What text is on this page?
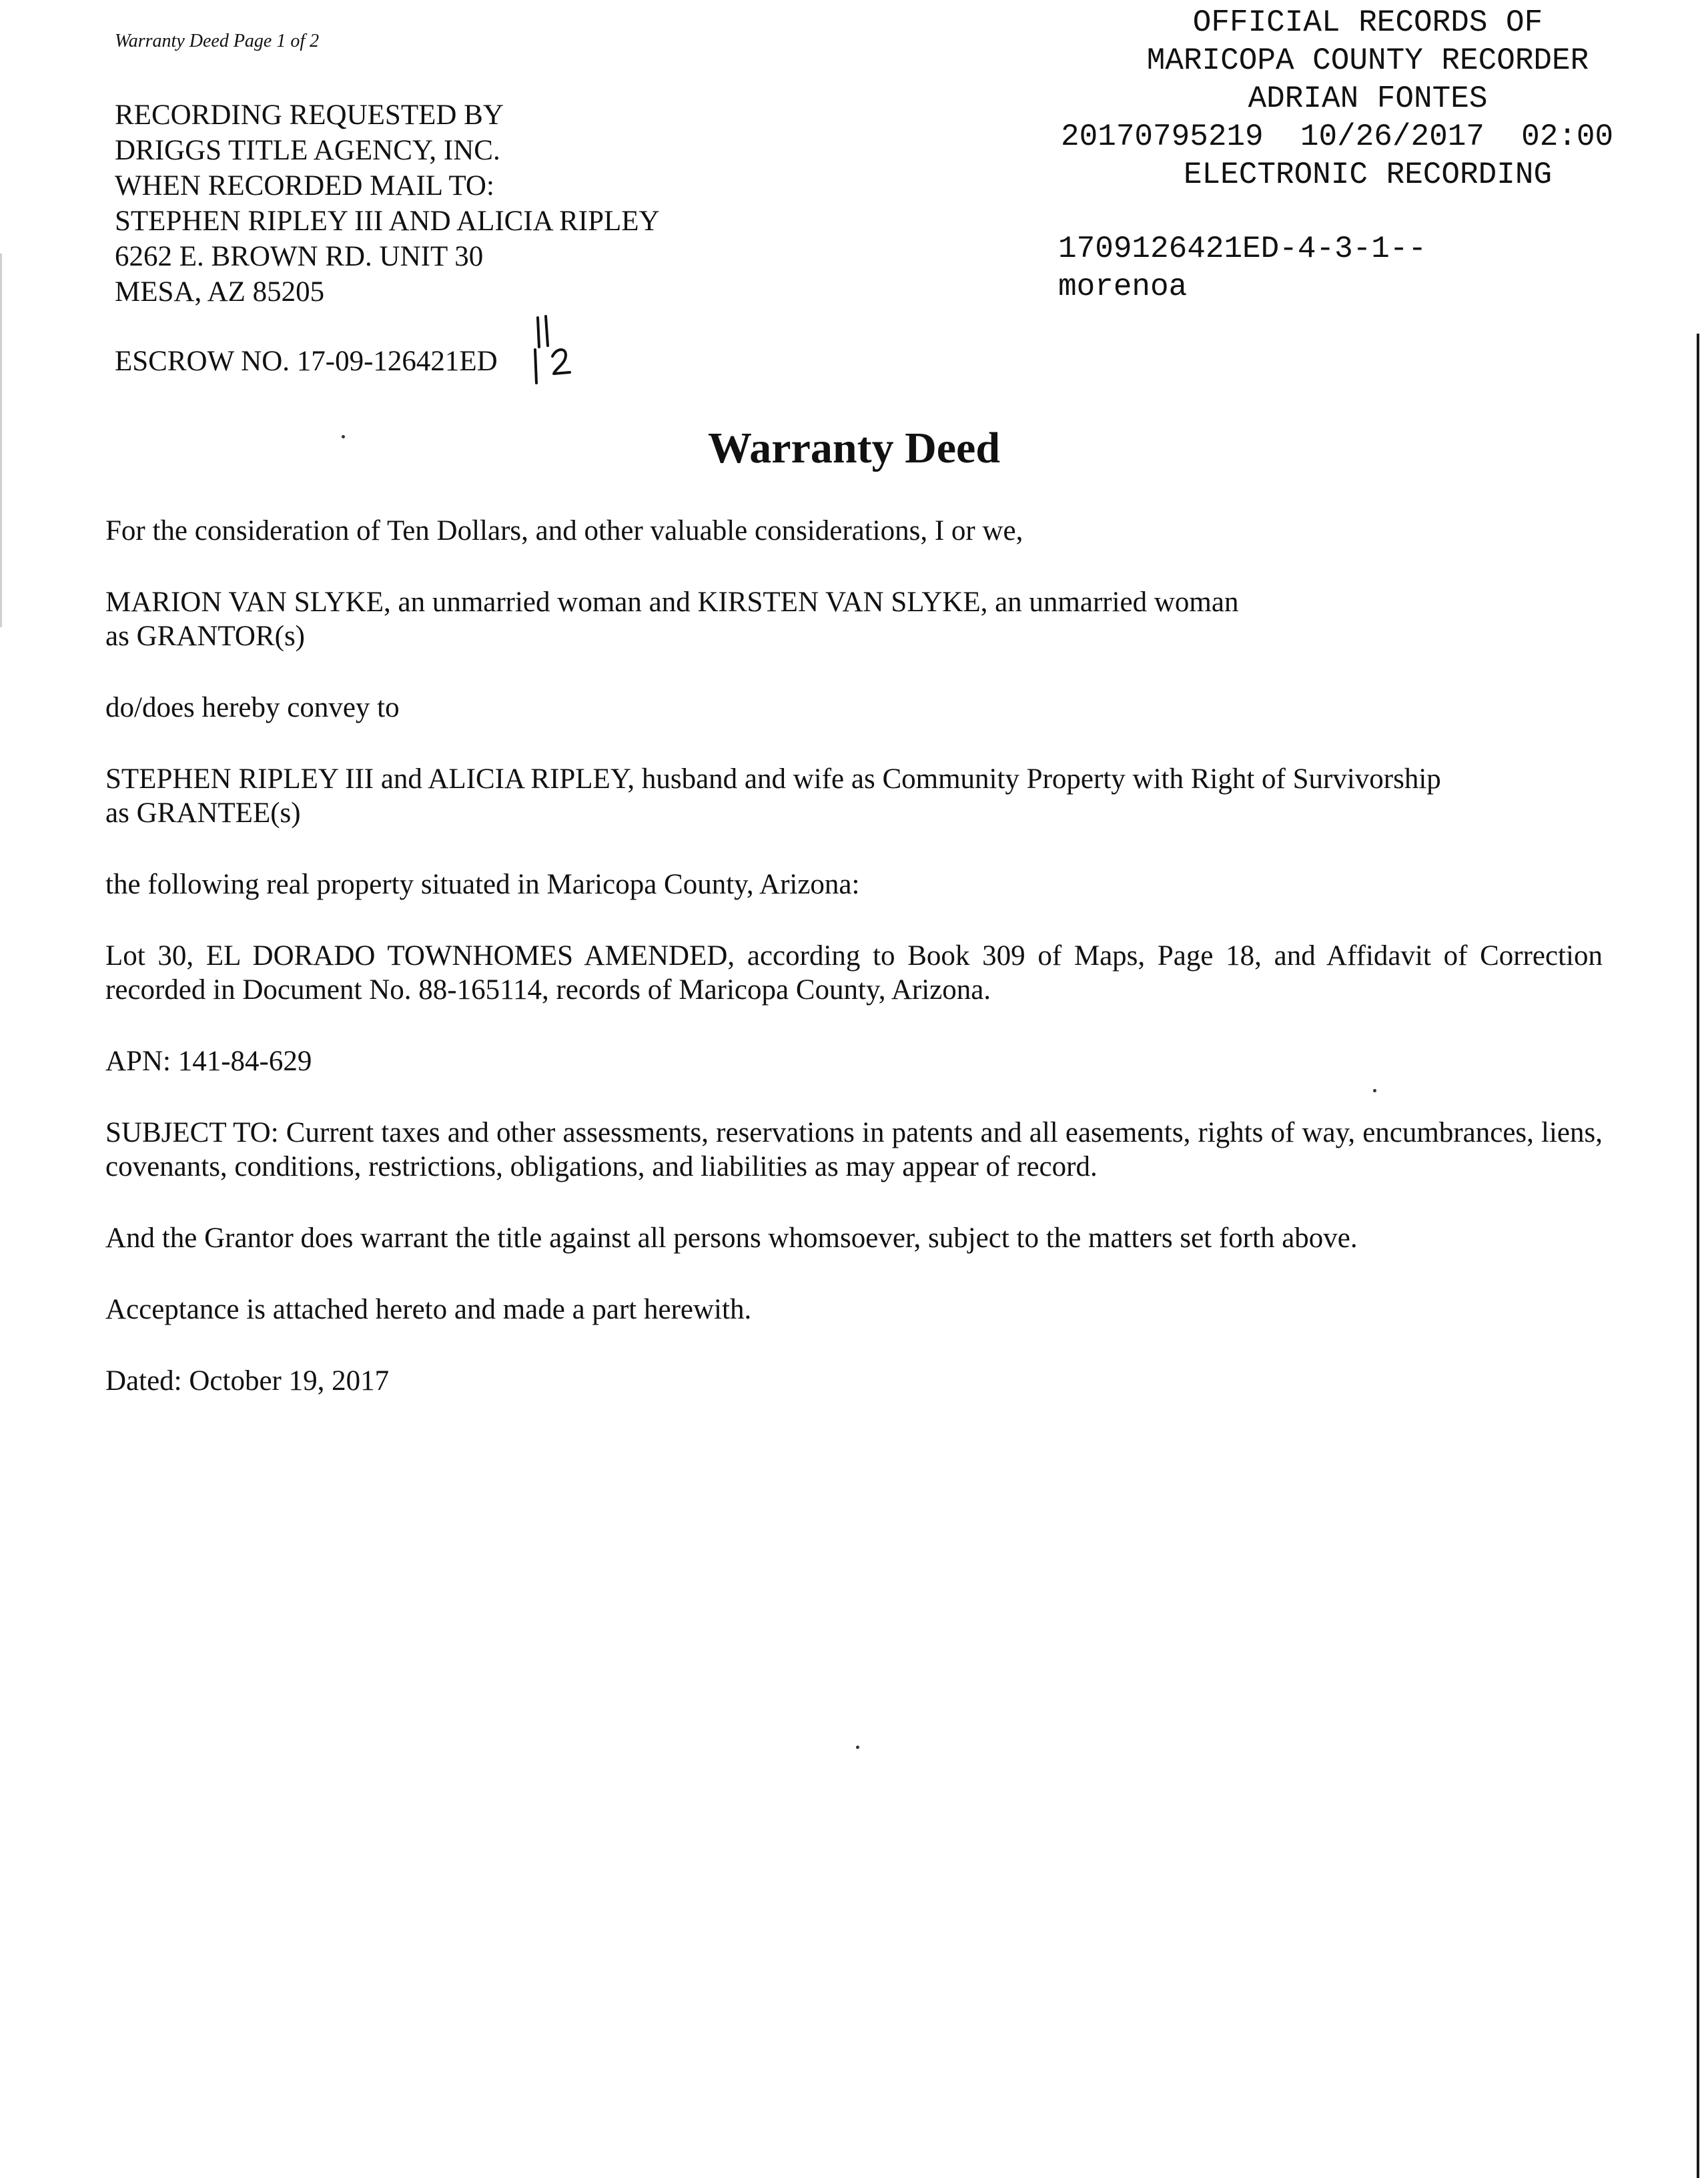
Warranty Deed Page 1 of 2
RECORDING REQUESTED BY
DRIGGS TITLE AGENCY, INC.
WHEN RECORDED MAIL TO:
STEPHEN RIPLEY III AND ALICIA RIPLEY
6262 E. BROWN RD. UNIT 30
MESA, AZ 85205
ESCROW NO. 17-09-126421ED
OFFICIAL RECORDS OF
MARICOPA COUNTY RECORDER
ADRIAN FONTES
20170795219  10/26/2017  02:00
ELECTRONIC RECORDING
1709126421ED-4-3-1--
morenoa
Warranty Deed

For the consideration of Ten Dollars, and other valuable considerations, I or we,

MARION VAN SLYKE, an unmarried woman and KIRSTEN VAN SLYKE, an unmarried woman
as GRANTOR(s)

do/does hereby convey to

STEPHEN RIPLEY III and ALICIA RIPLEY, husband and wife as Community Property with Right of Survivorship
as GRANTEE(s)

the following real property situated in Maricopa County, Arizona:

Lot 30, EL DORADO TOWNHOMES AMENDED, according to Book 309 of Maps, Page 18, and Affidavit of Correction recorded in Document No. 88-165114, records of Maricopa County, Arizona.

APN: 141-84-629

SUBJECT TO: Current taxes and other assessments, reservations in patents and all easements, rights of way, encumbrances, liens, covenants, conditions, restrictions, obligations, and liabilities as may appear of record.

And the Grantor does warrant the title against all persons whomsoever, subject to the matters set forth above.

Acceptance is attached hereto and made a part herewith.

Dated: October 19, 2017
